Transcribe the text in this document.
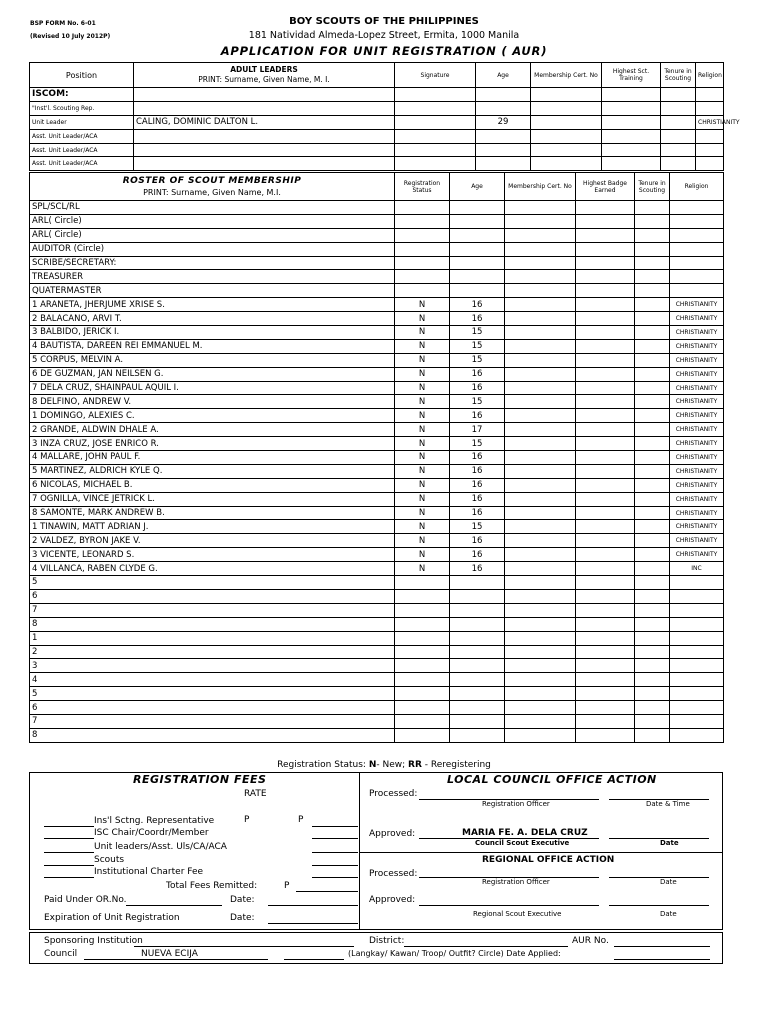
BSP FORM No. 6-01
(Revised 10 July 2012P)
BOY SCOUTS OF THE PHILIPPINES
181 Natividad Almeda-Lopez Street, Ermita, 1000 Manila
APPLICATION FOR UNIT REGISTRATION ( AUR)
Position	ADULT LEADERS
PRINT: Surname, Given Name, M. I.	Signature	Age	Membership Cert. No	Highest Sct. Training	Tenure in Scouting	Religion
ISCOM:							
"Inst'l. Scouting Rep.							
Unit Leader	CALING, DOMINIC DALTON L.		29				CHRISTIANITY
Asst. Unit Leader/ACA							
Asst. Unit Leader/ACA							
Asst. Unit Leader/ACA							
ROSTER OF SCOUT MEMBERSHIP
PRINT: Surname, Given Name, M.I.	Registration Status	Age	Membership Cert. No	Highest Badge Earned	Tenure in Scouting	Religion
SPL/SCL/RL						
ARL( Circle)						
ARL( Circle)						
AUDITOR (Circle)						
SCRIBE/SECRETARY:						
TREASURER						
QUATERMASTER						
1 ARANETA, JHERJUME XRISE S.	N	16				CHRISTIANITY
2 BALACANO, ARVI T.	N	16				CHRISTIANITY
3 BALBIDO, JERICK I.	N	15				CHRISTIANITY
4 BAUTISTA, DAREEN REI EMMANUEL M.	N	15				CHRISTIANITY
5 CORPUS, MELVIN A.	N	15				CHRISTIANITY
6 DE GUZMAN, JAN NEILSEN G.	N	16				CHRISTIANITY
7 DELA CRUZ, SHAINPAUL AQUIL I.	N	16				CHRISTIANITY
8 DELFINO, ANDREW V.	N	15				CHRISTIANITY
1 DOMINGO, ALEXIES C.	N	16				CHRISTIANITY
2 GRANDE, ALDWIN DHALE A.	N	17				CHRISTIANITY
3 INZA CRUZ, JOSE ENRICO R.	N	15				CHRISTIANITY
4 MALLARE, JOHN PAUL F.	N	16				CHRISTIANITY
5 MARTINEZ, ALDRICH KYLE Q.	N	16				CHRISTIANITY
6 NICOLAS, MICHAEL B.	N	16				CHRISTIANITY
7 OGNILLA, VINCE JETRICK L.	N	16				CHRISTIANITY
8 SAMONTE, MARK ANDREW B.	N	16				CHRISTIANITY
1 TINAWIN, MATT ADRIAN J.	N	15				CHRISTIANITY
2 VALDEZ, BYRON JAKE V.	N	16				CHRISTIANITY
3 VICENTE, LEONARD S.	N	16				CHRISTIANITY
4 VILLANCA, RABEN CLYDE G.	N	16				INC
5						
6						
7						
8						
1						
2						
3						
4						
5						
6						
7						
8						
Registration Status: N- New; RR - Reregistering
REGISTRATION FEES
RATE
P	P
Ins'l Sctng. Representative
ISC Chair/Coordr/Member
Unit leaders/Asst. Uls/CA/ACA
Scouts
Institutional Charter Fee
Total Fees Remitted:	P
Paid Under OR.No.	Date:
Expiration of Unit Registration	Date:
LOCAL COUNCIL OFFICE ACTION
Processed:
Registration Officer	Date & Time
Approved:	MARIA FE. A. DELA CRUZ
Council Scout Executive	Date
REGIONAL OFFICE ACTION
Processed:
Registration Officer	Date
Approved:
Regional Scout Executive	Date
Sponsoring Institution	District:	AUR No.
Council	NUEVA ECIJA	(Langkay/ Kawan/ Troop/ Outfit? Circle) Date Applied:
